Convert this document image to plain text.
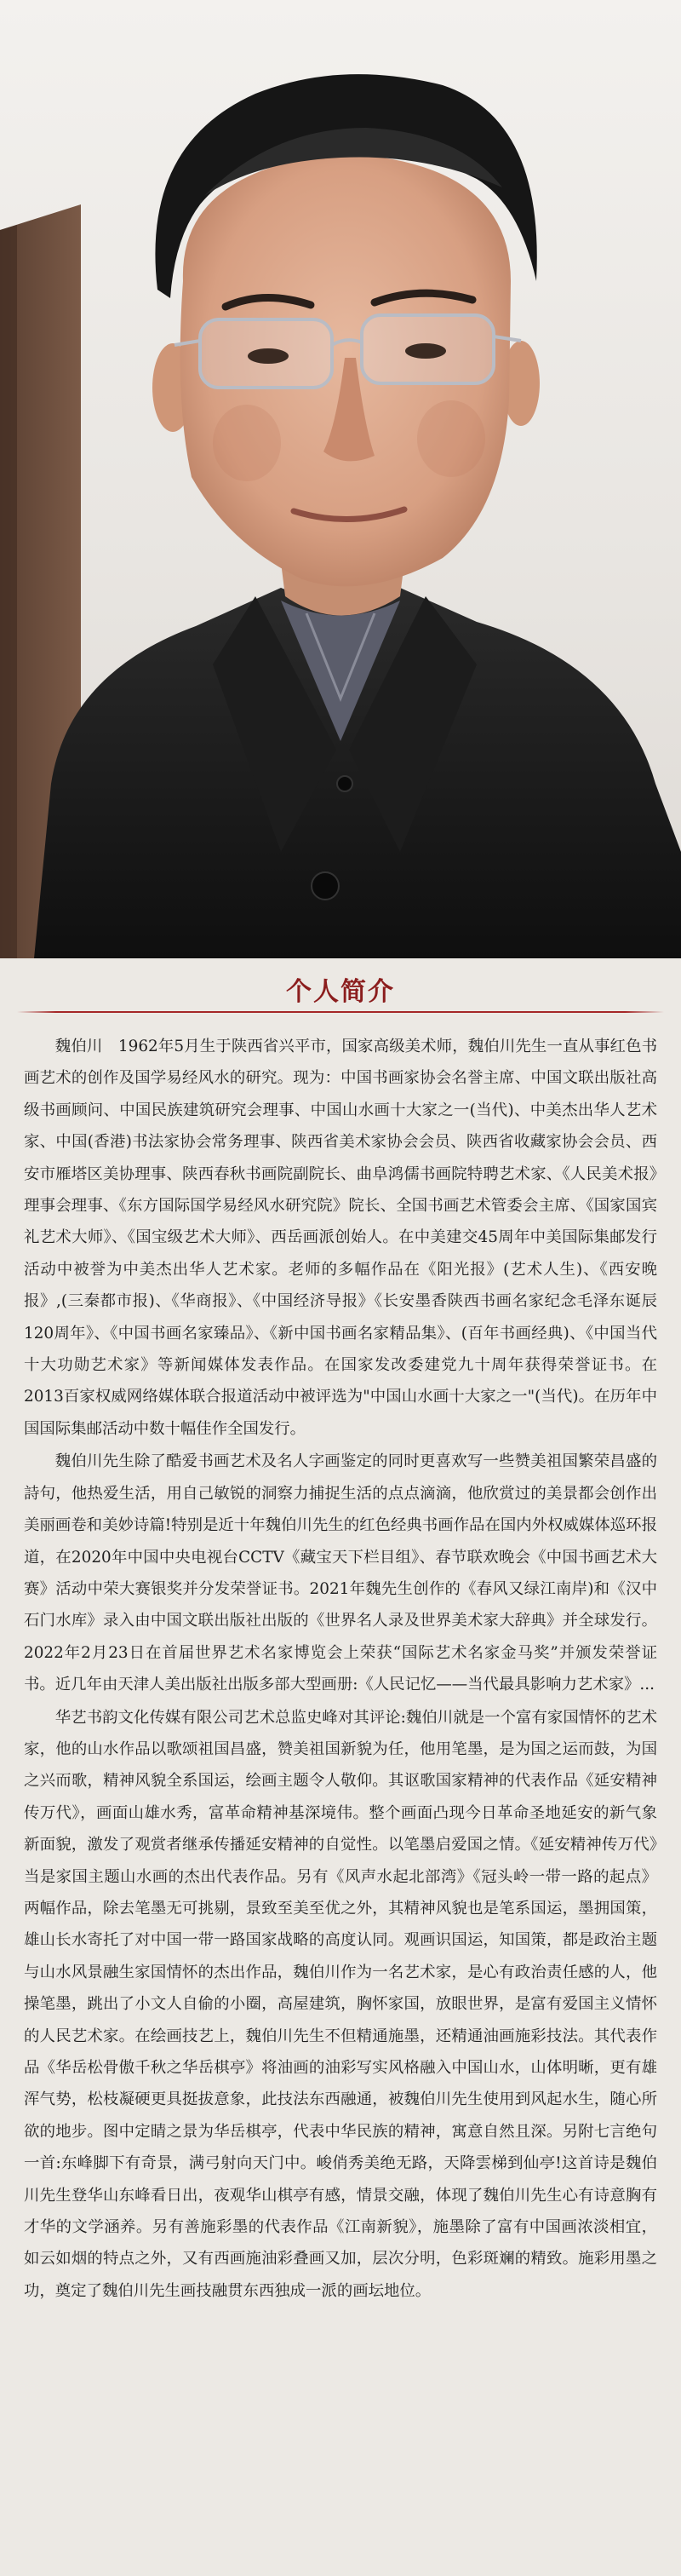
个人简介

魏伯川　1962年5月生于陕西省兴平市，国家高级美术师，魏伯川先生一直从事红色书画艺术的创作及国学易经风水的研究。现为：中国书画家协会名誉主席、中国文联出版社高级书画顾问、中国民族建筑研究会理事、中国山水画十大家之一(当代)、中美杰出华人艺术家、中国(香港)书法家协会常务理事、陕西省美术家协会会员、陕西省收藏家协会会员、西安市雁塔区美协理事、陕西春秋书画院副院长、曲阜鸿儒书画院特聘艺术家、《人民美术报》理事会理事、《东方国际国学易经风水研究院》院长、全国书画艺术管委会主席、《国家国宾礼艺术大师》、《国宝级艺术大师》、西岳画派创始人。在中美建交45周年中美国际集邮发行活动中被誉为中美杰出华人艺术家。老师的多幅作品在《阳光报》(艺术人生)、《西安晚报》,(三秦都市报)、《华商报》、《中国经济导报》《长安墨香陕西书画名家纪念毛泽东诞辰120周年》、《中国书画名家臻品》、《新中国书画名家精品集》、(百年书画经典)、《中国当代十大功勋艺术家》等新闻媒体发表作品。在国家发改委建党九十周年获得荣誉证书。在2013百家权威网络媒体联合报道活动中被评选为"中国山水画十大家之一"(当代)。在历年中国国际集邮活动中数十幅佳作全国发行。

魏伯川先生除了酷爱书画艺术及名人字画鉴定的同时更喜欢写一些赞美祖国繁荣昌盛的詩句，他热爱生活，用自己敏锐的洞察力捕捉生活的点点滴滴，他欣赏过的美景都会创作出美丽画卷和美妙诗篇!特别是近十年魏伯川先生的红色经典书画作品在国内外权威媒体巡环报道，在2020年中国中央电视台CCTV《藏宝天下栏目组》、春节联欢晚会《中国书画艺术大赛》活动中荣大赛银奖并分发荣誉证书。2021年魏先生创作的《春风又绿江南岸)和《汉中石门水库》录入由中国文联出版社出版的《世界名人录及世界美术家大辞典》并全球发行。2022年2月23日在首届世界艺术名家博览会上荣获“国际艺术名家金马奖”并颁发荣誉证书。近几年由天津人美出版社出版多部大型画册:《人民记忆——当代最具影响力艺术家》...

华艺书韵文化传媒有限公司艺术总监史峰对其评论:魏伯川就是一个富有家国情怀的艺术家，他的山水作品以歌颂祖国昌盛，赞美祖国新貌为任，他用笔墨，是为国之运而鼓，为国之兴而歌，精神风貌全系国运，绘画主题令人敬仰。其讴歌国家精神的代表作品《延安精神传万代》，画面山雄水秀，富革命精神基深境伟。整个画面凸现今日革命圣地延安的新气象新面貌，激发了观赏者继承传播延安精神的自觉性。以笔墨启爱国之情。《延安精神传万代》当是家国主题山水画的杰出代表作品。另有《风声水起北部湾》《冠头岭一带一路的起点》两幅作品，除去笔墨无可挑剔，景致至美至优之外，其精神风貌也是笔系国运，墨拥国策，雄山长水寄托了对中国一带一路国家战略的高度认同。观画识国运，知国策，都是政治主题与山水风景融生家国情怀的杰出作品，魏伯川作为一名艺术家，是心有政治责任感的人，他操笔墨，跳出了小文人自偷的小圈，高屋建筑，胸怀家国，放眼世界，是富有爱国主义情怀的人民艺术家。在绘画技艺上，魏伯川先生不但精通施墨，还精通油画施彩技法。其代表作品《华岳松骨傲千秋之华岳棋亭》将油画的油彩写实风格融入中国山水，山体明晰，更有雄浑气势，松枝凝硬更具挺拔意象，此技法东西融通，被魏伯川先生使用到风起水生，随心所欲的地步。图中定睛之景为华岳棋亭，代表中华民族的精神，寓意自然且深。另附七言绝句一首:东峰脚下有奇景，满弓射向天门中。峻俏秀美绝无路，天降雲梯到仙亭!这首诗是魏伯川先生登华山东峰看日出，夜观华山棋亭有感，情景交融，体现了魏伯川先生心有诗意胸有才华的文学涵养。另有善施彩墨的代表作品《江南新貌》，施墨除了富有中国画浓淡相宜，如云如烟的特点之外，又有西画施油彩叠画又加，层次分明，色彩斑斓的精致。施彩用墨之功，奠定了魏伯川先生画技融贯东西独成一派的画坛地位。
